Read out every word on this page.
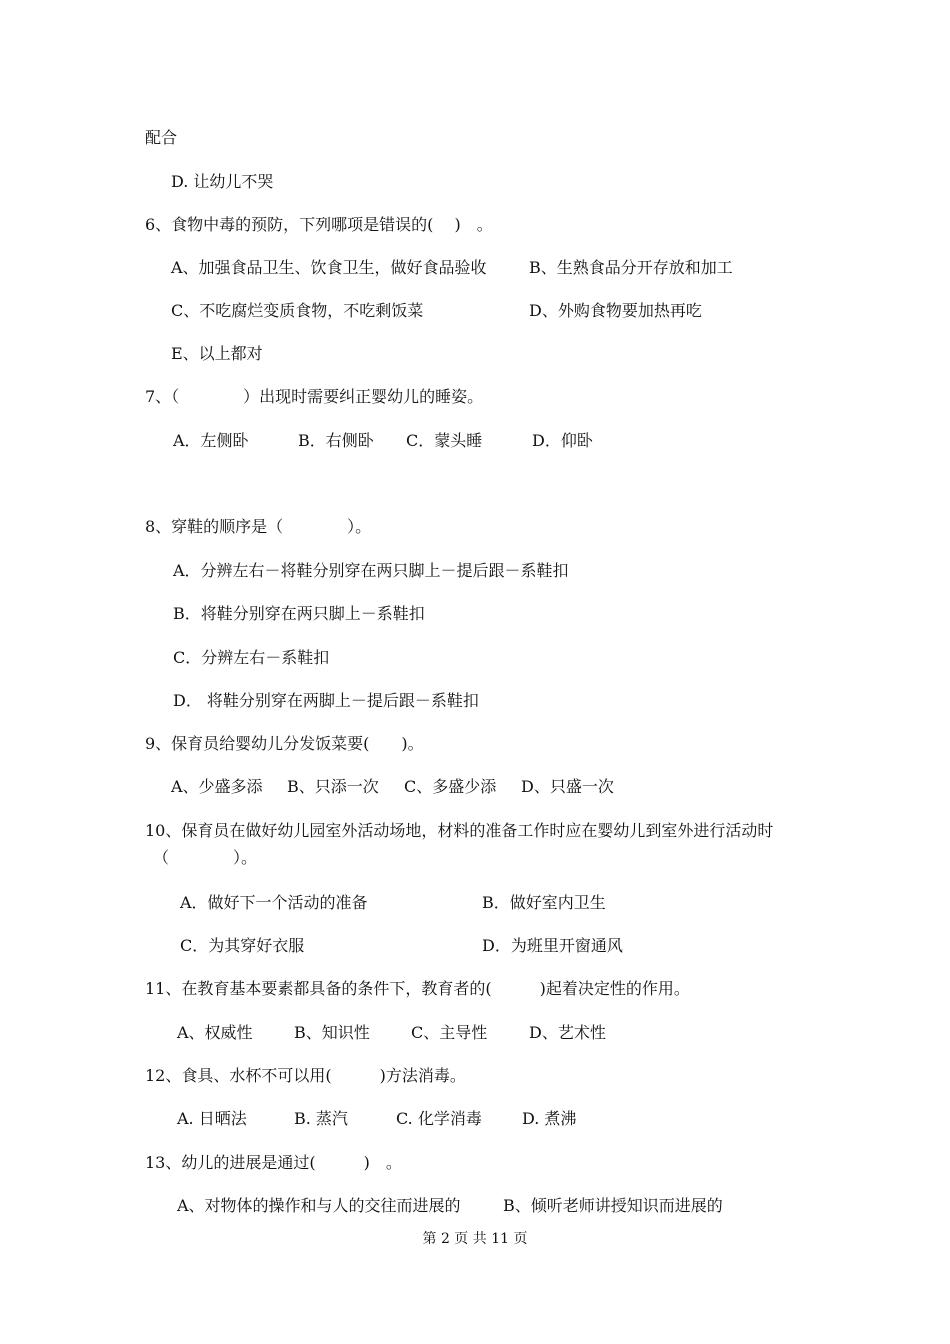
配合
D. 让幼儿不哭
6、食物中毒的预防，下列哪项是错误的(　 )　。
A、加强食品卫生、饮食卫生，做好食品验收	B、生熟食品分开存放和加工
C、不吃腐烂变质食物，不吃剩饭菜	D、外购食物要加热再吃
E、以上都对
7、（　　　　）出现时需要纠正婴幼儿的睡姿。
A．左侧卧	B．右侧卧 C．蒙头睡	D．仰卧
8、穿鞋的顺序是（　　　　）。
A．分辨左右－将鞋分别穿在两只脚上－提后跟－系鞋扣
B．将鞋分别穿在两只脚上－系鞋扣
C．分辨左右－系鞋扣
D． 将鞋分别穿在两脚上－提后跟－系鞋扣
9、保育员给婴幼儿分发饭菜要(　　)。
A、少盛多添 B、只添一次 C、多盛少添 D、只盛一次
10、保育员在做好幼儿园室外活动场地，材料的准备工作时应在婴幼儿到室外进行活动时
（　　　　）。
A．做好下一个活动的准备	B．做好室内卫生
C．为其穿好衣服	D．为班里开窗通风
11、在教育基本要素都具备的条件下，教育者的(　　　)起着决定性的作用。
A、权威性	B、知识性	C、主导性	D、艺术性
12、食具、水杯不可以用(　　　)方法消毒。
A. 日晒法	B. 蒸汽	C. 化学消毒	D. 煮沸
13、幼儿的进展是通过(　　　)　。
A、对物体的操作和与人的交往而进展的	B、倾听老师讲授知识而进展的
第 2 页 共 11 页
